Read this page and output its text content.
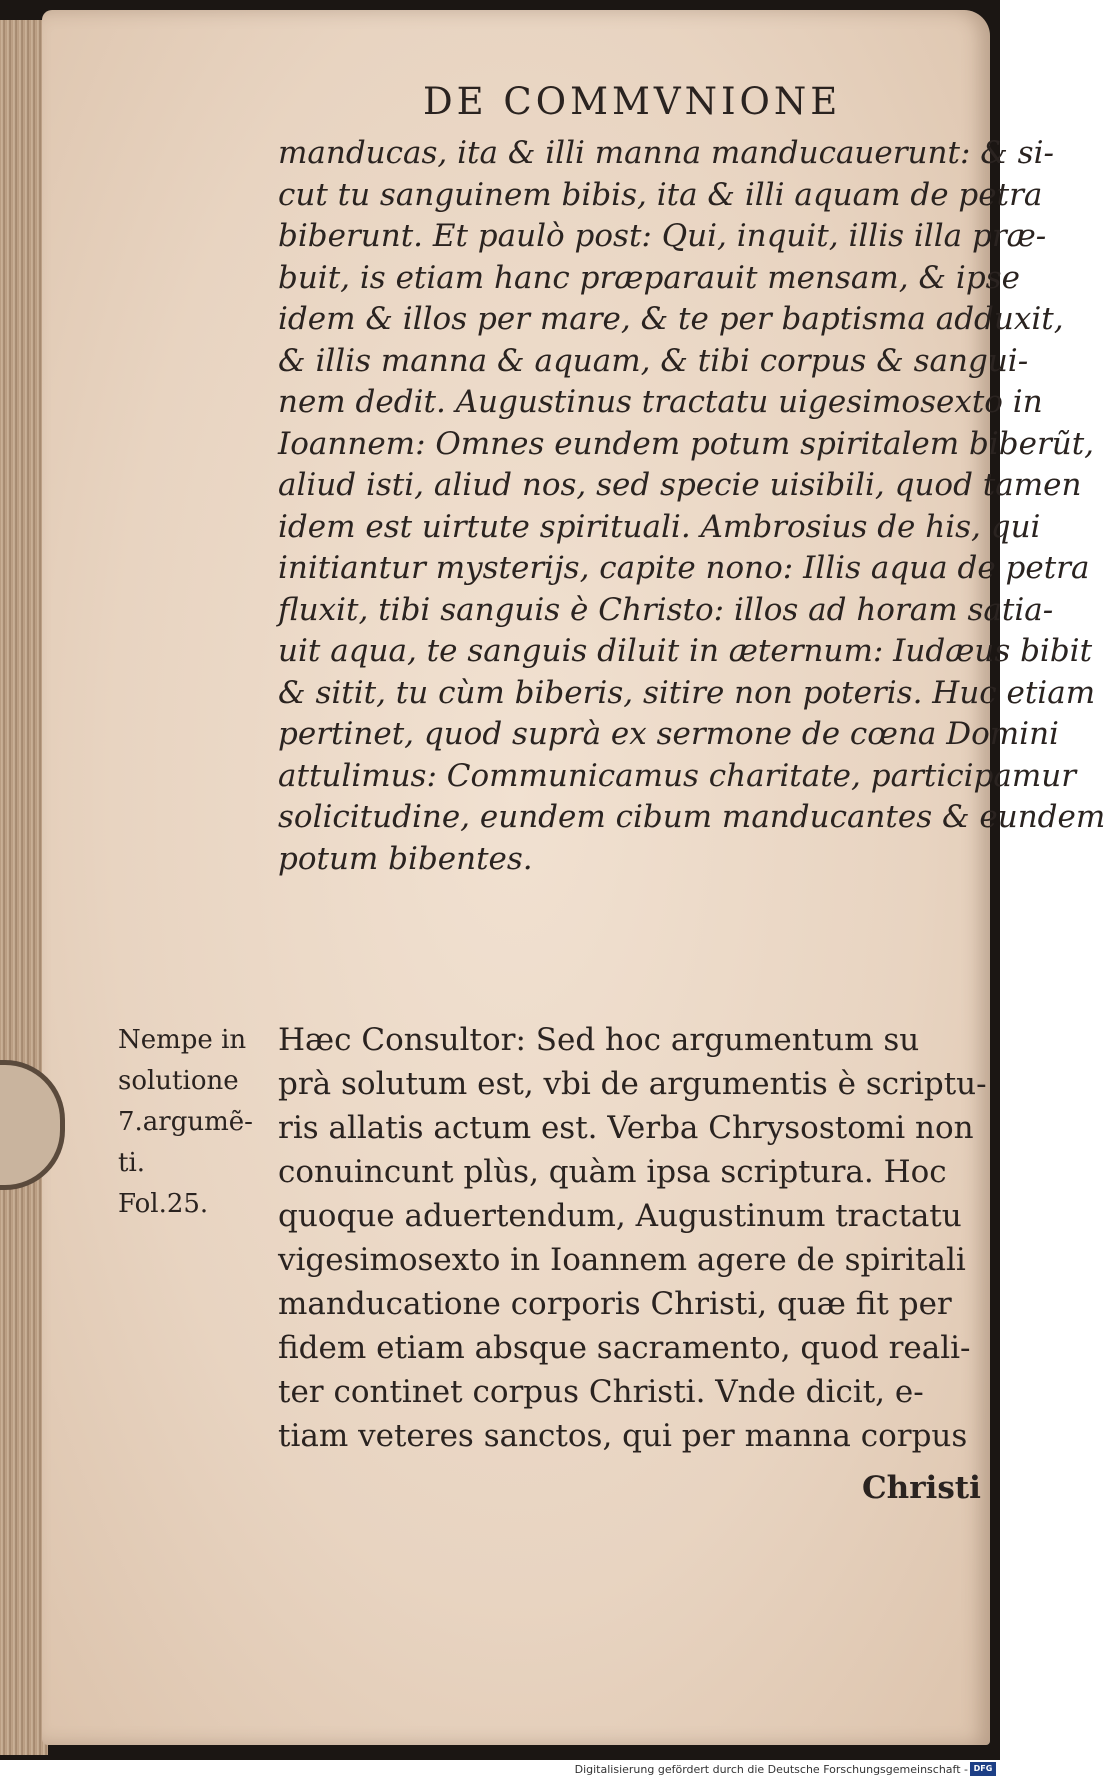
DE COMMVNIONE
manducas, ita & illi manna manducauerunt: & si-
cut tu sanguinem bibis, ita & illi aquam de petra
biberunt. Et paulò post: Qui, inquit, illis illa præ-
buit, is etiam hanc præparauit mensam, & ipse
idem & illos per mare, & te per baptisma adduxit,
& illis manna & aquam, & tibi corpus & sangui-
nem dedit. Augustinus tractatu uigesimosexto in
Ioannem: Omnes eundem potum spiritalem biberũt,
aliud isti, aliud nos, sed specie uisibili, quod tamen
idem est uirtute spirituali. Ambrosius de his, qui
initiantur mysterijs, capite nono: Illis aqua de petra
fluxit, tibi sanguis è Christo: illos ad horam satia-
uit aqua, te sanguis diluit in æternum: Iudæus bibit
& sitit, tu cùm biberis, sitire non poteris. Huc etiam
pertinet, quod suprà ex sermone de cœna Domini
attulimus: Communicamus charitate, participamur
solicitudine, eundem cibum manducantes & eundem
potum bibentes.
Hæc Consultor: Sed hoc argumentum su
prà solutum est, vbi de argumentis è scriptu-
ris allatis actum est. Verba Chrysostomi non
conuincunt plùs, quàm ipsa scriptura. Hoc
quoque aduertendum, Augustinum tractatu
vigesimosexto in Ioannem agere de spiritali
manducatione corporis Christi, quæ fit per
fidem etiam absque sacramento, quod reali-
ter continet corpus Christi. Vnde dicit, e-
tiam veteres sanctos, qui per manna corpus
Nempe in
solutione
7.argumẽ-
ti.
Fol.25.
Christi
Digitalisierung gefördert durch die Deutsche Forschungsgemeinschaft - DFG
